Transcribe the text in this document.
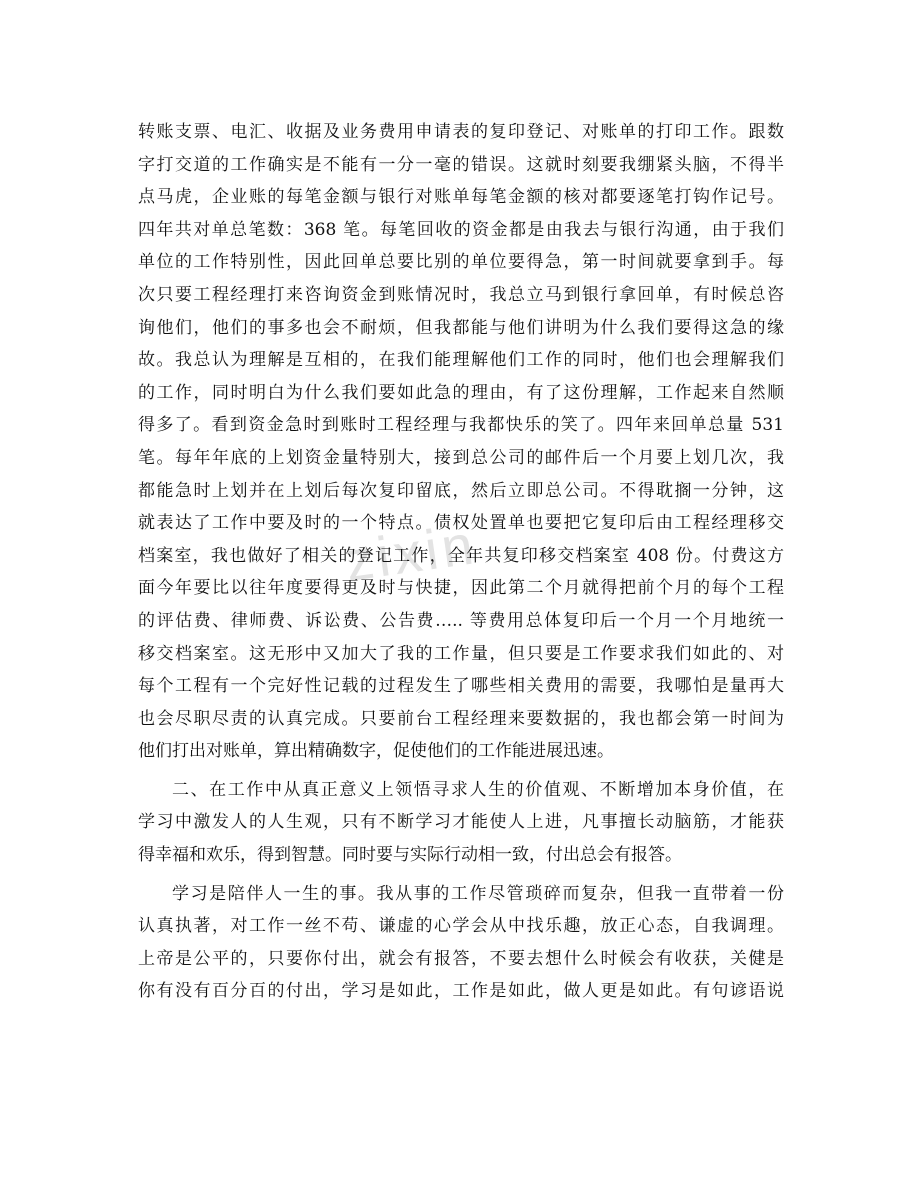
zixin
转账支票、电汇、收据及业务费用申请表的复印登记、对账单的打印工作。跟数
字打交道的工作确实是不能有一分一毫的错误。这就时刻要我绷紧头脑，不得半
点马虎，企业账的每笔金额与银行对账单每笔金额的核对都要逐笔打钩作记号。
四年共对单总笔数：368 笔。每笔回收的资金都是由我去与银行沟通，由于我们
单位的工作特别性，因此回单总要比别的单位要得急，第一时间就要拿到手。每
次只要工程经理打来咨询资金到账情况时，我总立马到银行拿回单，有时候总咨
询他们，他们的事多也会不耐烦，但我都能与他们讲明为什么我们要得这急的缘
故。我总认为理解是互相的，在我们能理解他们工作的同时，他们也会理解我们
的工作，同时明白为什么我们要如此急的理由，有了这份理解，工作起来自然顺
得多了。看到资金急时到账时工程经理与我都快乐的笑了。四年来回单总量 531
笔。每年年底的上划资金量特别大，接到总公司的邮件后一个月要上划几次，我
都能急时上划并在上划后每次复印留底，然后立即总公司。不得耽搁一分钟，这
就表达了工作中要及时的一个特点。债权处置单也要把它复印后由工程经理移交
档案室，我也做好了相关的登记工作，全年共复印移交档案室 408 份。付费这方
面今年要比以往年度要得更及时与快捷，因此第二个月就得把前个月的每个工程
的评估费、律师费、诉讼费、公告费….. 等费用总体复印后一个月一个月地统一
移交档案室。这无形中又加大了我的工作量，但只要是工作要求我们如此的、对
每个工程有一个完好性记载的过程发生了哪些相关费用的需要，我哪怕是量再大
也会尽职尽责的认真完成。只要前台工程经理来要数据的，我也都会第一时间为
他们打出对账单，算出精确数字，促使他们的工作能进展迅速。
二、在工作中从真正意义上领悟寻求人生的价值观、不断增加本身价值，在
学习中激发人的人生观，只有不断学习才能使人上进，凡事擅长动脑筋，才能获
得幸福和欢乐，得到智慧。同时要与实际行动相一致，付出总会有报答。
学习是陪伴人一生的事。我从事的工作尽管琐碎而复杂，但我一直带着一份
认真执著，对工作一丝不苟、谦虚的心学会从中找乐趣，放正心态，自我调理。
上帝是公平的，只要你付出，就会有报答，不要去想什么时候会有收获，关健是
你有没有百分百的付出，学习是如此，工作是如此，做人更是如此。有句谚语说
